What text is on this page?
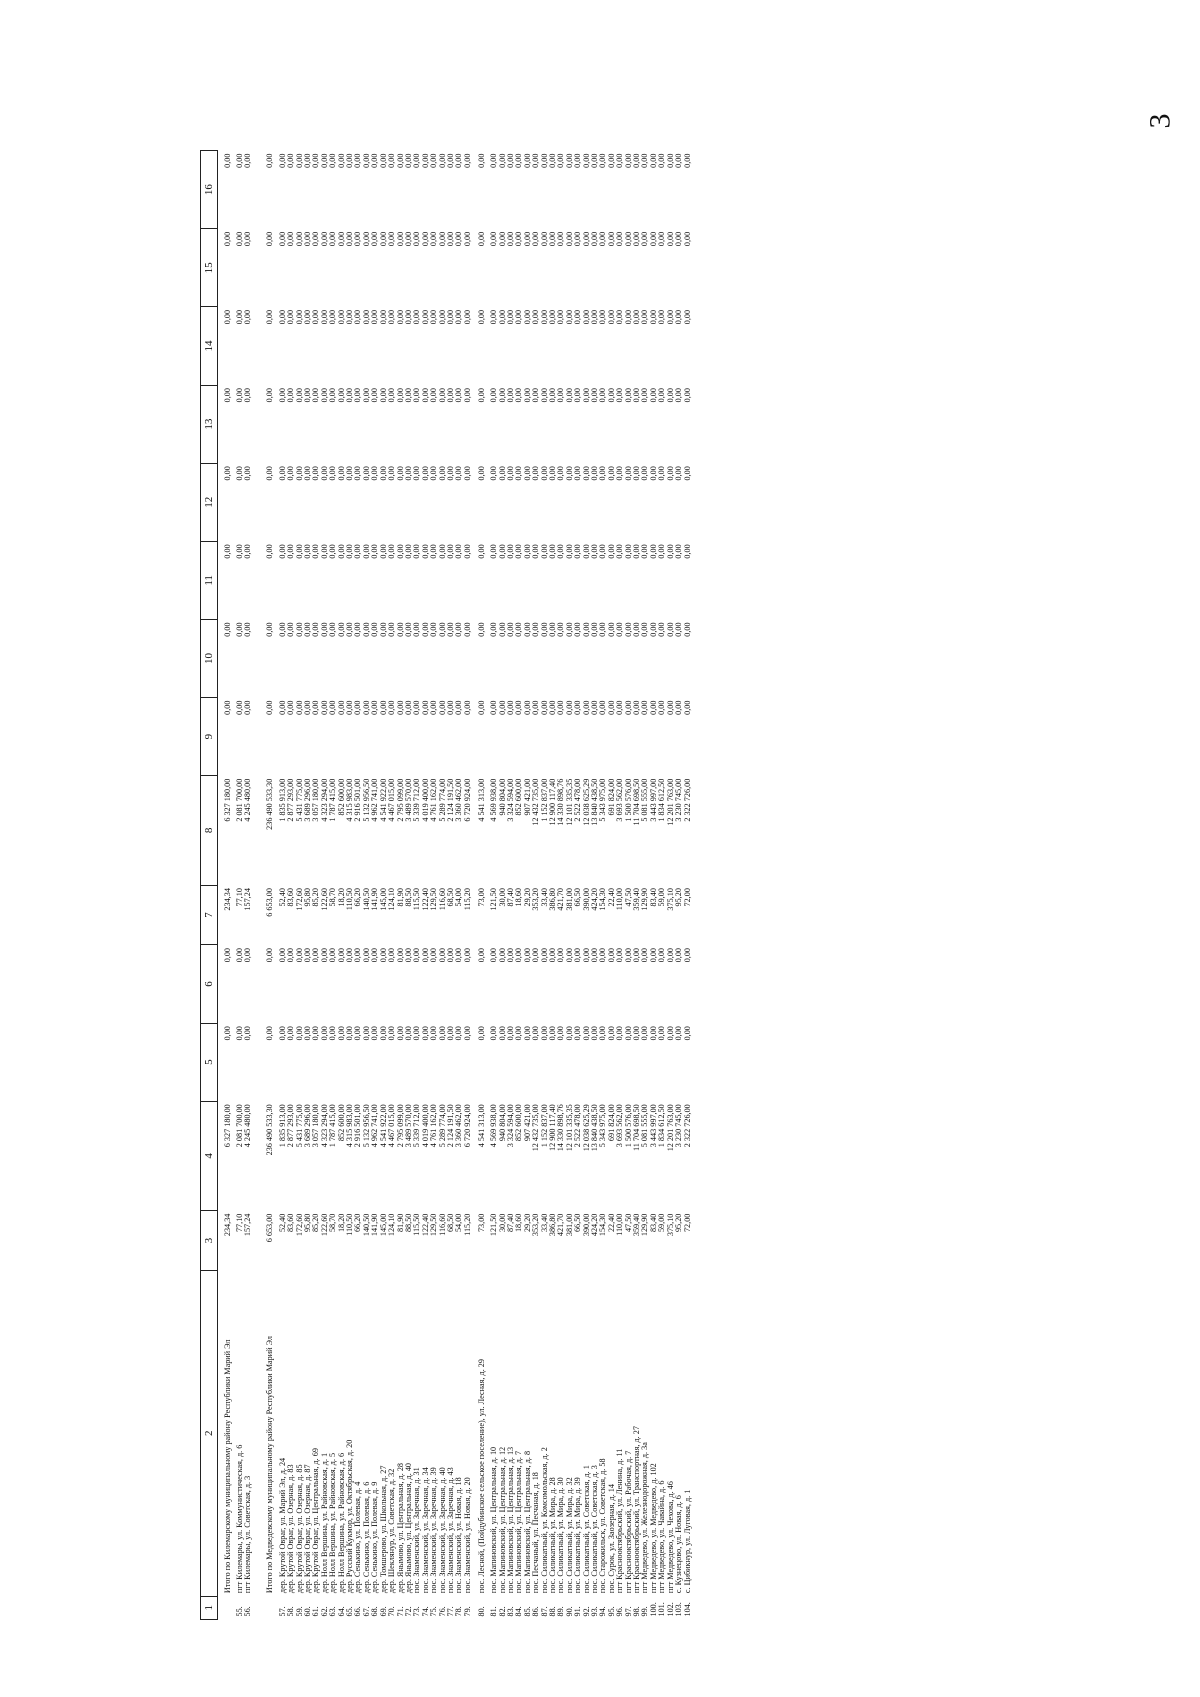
3
1	2	3	4	5	6	7	8	9	10	11	12	13	14	15	16
	Итого по Килемарскому муниципальному району Республики Марий Эл	234,34	6 327 180,00	0,00	0,00	234,34	6 327 180,00	0,00	0,00	0,00	0,00	0,00	0,00	0,00	0,00
55.	пгт Килемары, ул. Коммунистическая, д. 6	77,10	2 081 700,00	0,00	0,00	77,10	2 081 700,00	0,00	0,00	0,00	0,00	0,00	0,00	0,00	0,00
56.	пгт Килемары, ул. Советская, д. 3	157,24	4 245 480,00	0,00	0,00	157,24	4 245 480,00	0,00	0,00	0,00	0,00	0,00	0,00	0,00	0,00

	Итого по Медведевскому муниципальному району Республики Марий Эл	6 653,00	236 490 533,30	0,00	0,00	6 653,00	236 490 533,30	0,00	0,00	0,00	0,00	0,00	0,00	0,00	0,00
57.	дер. Крутой Овраг, ул. Марий Эл, д. 24	52,40	1 835 913,00	0,00	0,00	52,40	1 835 913,00	0,00	0,00	0,00	0,00	0,00	0,00	0,00	0,00
58.	дер. Крутой Овраг, ул. Озерная, д. 83	83,60	2 877 293,00	0,00	0,00	83,60	2 877 293,00	0,00	0,00	0,00	0,00	0,00	0,00	0,00	0,00
59.	дер. Крутой Овраг, ул. Озерная, д. 85	172,60	5 431 775,00	0,00	0,00	172,60	5 431 775,00	0,00	0,00	0,00	0,00	0,00	0,00	0,00	0,00
60.	дер. Крутой Овраг, ул. Озерная, д. 87	95,80	3 689 296,00	0,00	0,00	95,80	3 689 296,00	0,00	0,00	0,00	0,00	0,00	0,00	0,00	0,00
61.	дер. Крутой Овраг, ул. Центральная, д. 69	85,20	3 057 180,00	0,00	0,00	85,20	3 057 180,00	0,00	0,00	0,00	0,00	0,00	0,00	0,00	0,00
62.	дер. Нолл Вершина, ул. Райновская, д. 1	122,60	4 323 294,00	0,00	0,00	122,60	4 323 294,00	0,00	0,00	0,00	0,00	0,00	0,00	0,00	0,00
63.	дер. Нолл Вершина, ул. Райновская, д. 5	58,70	1 787 415,00	0,00	0,00	58,70	1 787 415,00	0,00	0,00	0,00	0,00	0,00	0,00	0,00	0,00
64.	дер. Нолл Вершина, ул. Райновская, д. 6	18,20	852 600,00	0,00	0,00	18,20	852 600,00	0,00	0,00	0,00	0,00	0,00	0,00	0,00	0,00
65.	дер. Русский Кукмор, ул. Октябрьская, д. 20	110,50	4 315 983,00	0,00	0,00	110,50	4 315 983,00	0,00	0,00	0,00	0,00	0,00	0,00	0,00	0,00
66.	дер. Сенькино, ул. Полевая, д. 4	66,20	2 916 501,00	0,00	0,00	66,20	2 916 501,00	0,00	0,00	0,00	0,00	0,00	0,00	0,00	0,00
67.	дер. Сенькино, ул. Полевая, д. 6	140,50	5 132 956,50	0,00	0,00	140,50	5 132 956,50	0,00	0,00	0,00	0,00	0,00	0,00	0,00	0,00
68.	дер. Сенькино, ул. Полевая, д. 9	141,90	4 962 741,00	0,00	0,00	141,90	4 962 741,00	0,00	0,00	0,00	0,00	0,00	0,00	0,00	0,00
69.	дер. Томшерово, ул. Школьная, д. 27	145,00	4 541 922,00	0,00	0,00	145,00	4 541 922,00	0,00	0,00	0,00	0,00	0,00	0,00	0,00	0,00
70.	дер. Шеклянур, ул. Советская, д. 32	124,10	4 467 015,00	0,00	0,00	124,10	4 467 015,00	0,00	0,00	0,00	0,00	0,00	0,00	0,00	0,00
71.	дер. Янымово, ул. Центральная, д. 28	81,90	2 795 099,00	0,00	0,00	81,90	2 795 099,00	0,00	0,00	0,00	0,00	0,00	0,00	0,00	0,00
72.	дер. Янымово, ул. Центральная, д. 40	88,50	3 489 570,00	0,00	0,00	88,50	3 489 570,00	0,00	0,00	0,00	0,00	0,00	0,00	0,00	0,00
73.	пос. Знаменский, ул. Заречная, д. 31	115,50	5 339 712,00	0,00	0,00	115,50	5 339 712,00	0,00	0,00	0,00	0,00	0,00	0,00	0,00	0,00
74.	пос. Знаменский, ул. Заречная, д. 34	122,40	4 019 400,00	0,00	0,00	122,40	4 019 400,00	0,00	0,00	0,00	0,00	0,00	0,00	0,00	0,00
75.	пос. Знаменский, ул. Заречная, д. 39	129,50	4 761 162,00	0,00	0,00	129,50	4 761 162,00	0,00	0,00	0,00	0,00	0,00	0,00	0,00	0,00
76.	пос. Знаменский, ул. Заречная, д. 40	116,60	5 289 774,00	0,00	0,00	116,60	5 289 774,00	0,00	0,00	0,00	0,00	0,00	0,00	0,00	0,00
77.	пос. Знаменский, ул. Заречная, д. 43	68,50	2 124 191,50	0,00	0,00	68,50	2 124 191,50	0,00	0,00	0,00	0,00	0,00	0,00	0,00	0,00
78.	пос. Знаменский, ул. Новая, д. 18	54,00	3 360 462,00	0,00	0,00	54,00	3 360 462,00	0,00	0,00	0,00	0,00	0,00	0,00	0,00	0,00
79.	пос. Знаменский, ул. Новая, д. 20	115,20	6 720 924,00	0,00	0,00	115,20	6 720 924,00	0,00	0,00	0,00	0,00	0,00	0,00	0,00	0,00
80.	пос. Лесной, (Пойдубинское сельское поселение), ул. Лесная, д. 29	73,00	4 541 313,00	0,00	0,00	73,00	4 541 313,00	0,00	0,00	0,00	0,00	0,00	0,00	0,00	0,00
81.	пос. Мапиновский, ул. Центральная, д. 10	121,50	4 569 938,00	0,00	0,00	121,50	4 569 938,00	0,00	0,00	0,00	0,00	0,00	0,00	0,00	0,00
82.	пос. Мапиновский, ул. Центральная, д. 12	30,00	940 804,00	0,00	0,00	30,00	940 804,00	0,00	0,00	0,00	0,00	0,00	0,00	0,00	0,00
83.	пос. Мапиновский, ул. Центральная, д. 13	87,40	3 324 594,00	0,00	0,00	87,40	3 324 594,00	0,00	0,00	0,00	0,00	0,00	0,00	0,00	0,00
84.	пос. Мапиновский, ул. Центральная, д. 7	18,60	852 600,00	0,00	0,00	18,60	852 600,00	0,00	0,00	0,00	0,00	0,00	0,00	0,00	0,00
85.	пос. Мапиновский, ул. Центральная, д. 8	29,20	907 421,00	0,00	0,00	29,20	907 421,00	0,00	0,00	0,00	0,00	0,00	0,00	0,00	0,00
86.	пос. Песчаный, ул. Песчаная, д. 18	353,20	12 432 735,00	0,00	0,00	353,20	12 432 735,00	0,00	0,00	0,00	0,00	0,00	0,00	0,00	0,00
87.	пос. Силикатный, ул. Комсомольская, д. 2	33,40	1 152 837,00	0,00	0,00	33,40	1 152 837,00	0,00	0,00	0,00	0,00	0,00	0,00	0,00	0,00
88.	пос. Силикатный, ул. Мира, д. 28	386,80	12 900 117,40	0,00	0,00	386,80	12 900 117,40	0,00	0,00	0,00	0,00	0,00	0,00	0,00	0,00
89.	пос. Силикатный, ул. Мира, д. 30	421,70	14 330 898,76	0,00	0,00	421,70	14 330 898,76	0,00	0,00	0,00	0,00	0,00	0,00	0,00	0,00
90.	пос. Силикатный, ул. Мира, д. 32	381,00	12 101 335,35	0,00	0,00	381,00	12 101 335,35	0,00	0,00	0,00	0,00	0,00	0,00	0,00	0,00
91.	пос. Силикатный, ул. Мира, д. 39	66,50	2 522 478,00	0,00	0,00	66,50	2 522 478,00	0,00	0,00	0,00	0,00	0,00	0,00	0,00	0,00
92.	пос. Силикатный, ул. Советская, д. 1	390,00	12 038 625,29	0,00	0,00	390,00	12 038 625,29	0,00	0,00	0,00	0,00	0,00	0,00	0,00	0,00
93.	пос. Силикатный, ул. Советская, д. 3	424,20	13 840 438,50	0,00	0,00	424,20	13 840 438,50	0,00	0,00	0,00	0,00	0,00	0,00	0,00	0,00
94.	пос. Старожильск, ул. Советская, д. 58	154,30	5 343 975,00	0,00	0,00	154,30	5 343 975,00	0,00	0,00	0,00	0,00	0,00	0,00	0,00	0,00
95.	пос. Сурок, ул. Заозерная, д. 14	22,40	691 824,00	0,00	0,00	22,40	691 824,00	0,00	0,00	0,00	0,00	0,00	0,00	0,00	0,00
96.	пгт Краснооктябрьский, ул. Ленина, д. 11	110,00	3 693 562,00	0,00	0,00	110,00	3 693 562,00	0,00	0,00	0,00	0,00	0,00	0,00	0,00	0,00
97.	пгт Краснооктябрьский, ул. Рабочая, д. 7	47,50	1 500 576,00	0,00	0,00	47,50	1 500 576,00	0,00	0,00	0,00	0,00	0,00	0,00	0,00	0,00
98.	пгт Краснооктябрьский, ул. Транспортная, д. 27	359,40	11 704 698,50	0,00	0,00	359,40	11 704 698,50	0,00	0,00	0,00	0,00	0,00	0,00	0,00	0,00
99.	пгт Медведево, ул. Железнодорожная, д. 3а	129,90	5 081 555,00	0,00	0,00	129,90	5 081 555,00	0,00	0,00	0,00	0,00	0,00	0,00	0,00	0,00
100.	пгт Медведево, ул. Медведево, д. 102	83,40	3 443 997,00	0,00	0,00	83,40	3 443 997,00	0,00	0,00	0,00	0,00	0,00	0,00	0,00	0,00
101.	пгт Медведево, ул. Чавайна, д. 6	59,00	1 834 612,50	0,00	0,00	59,00	1 834 612,50	0,00	0,00	0,00	0,00	0,00	0,00	0,00	0,00
102.	пгт Медведево, ул. Чехова, д. 46	375,10	12 201 763,00	0,00	0,00	375,10	12 201 763,00	0,00	0,00	0,00	0,00	0,00	0,00	0,00	0,00
103.	с. Кузнецово, ул. Новая, д. 6	95,20	3 230 745,00	0,00	0,00	95,20	3 230 745,00	0,00	0,00	0,00	0,00	0,00	0,00	0,00	0,00
104.	с. Цибикнур, ул. Луговая, д. 1	72,00	2 322 726,00	0,00	0,00	72,00	2 322 726,00	0,00	0,00	0,00	0,00	0,00	0,00	0,00	0,00
